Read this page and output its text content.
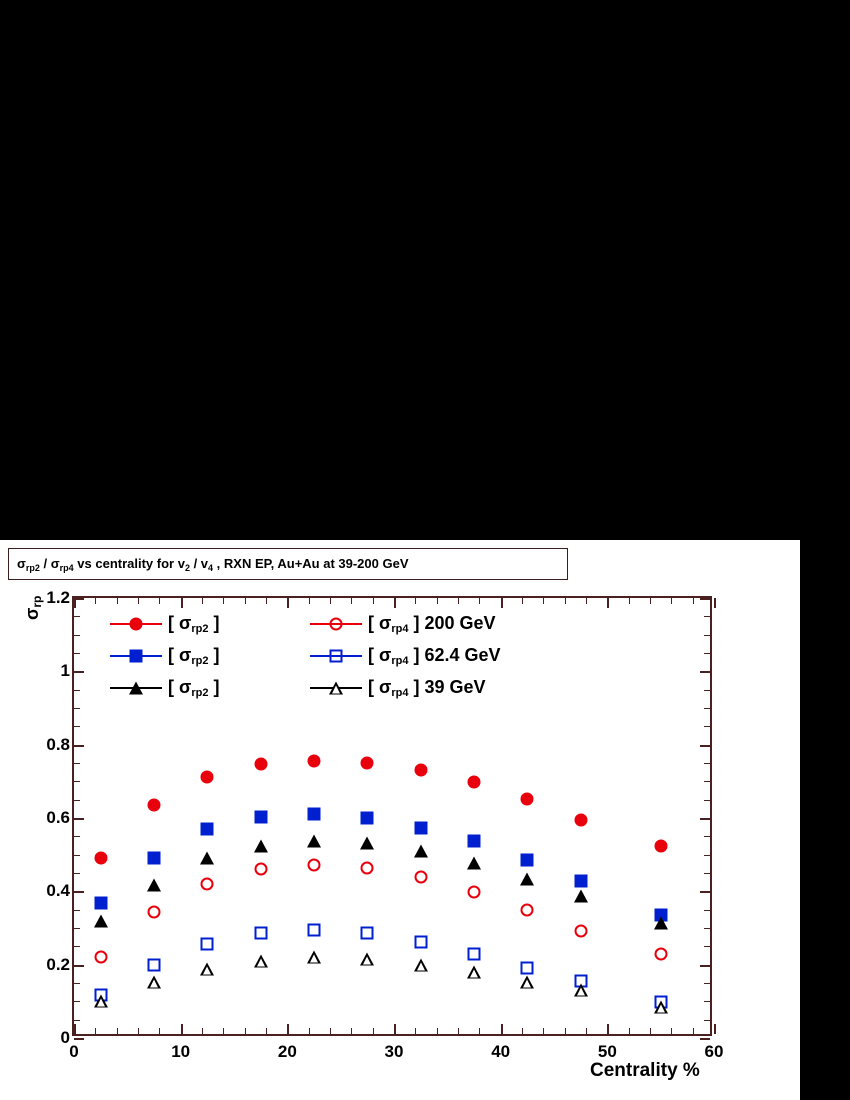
$\sigma_{rp2} / \sigma_{rp4}$ vs centrality for $v_2 / v_4$ , RXN EP, Au+Au at 39-200 GeV
σrp
Centrality %
1.2
1
0.8
0.6
0.4
0.2
0
0	10	20	30	40	50	60
[ σrp2 ]	[ σrp4 ] 200 GeV
[ σrp2 ]	[ σrp4 ] 62.4 GeV
[ σrp2 ]	[ σrp4 ] 39 GeV
